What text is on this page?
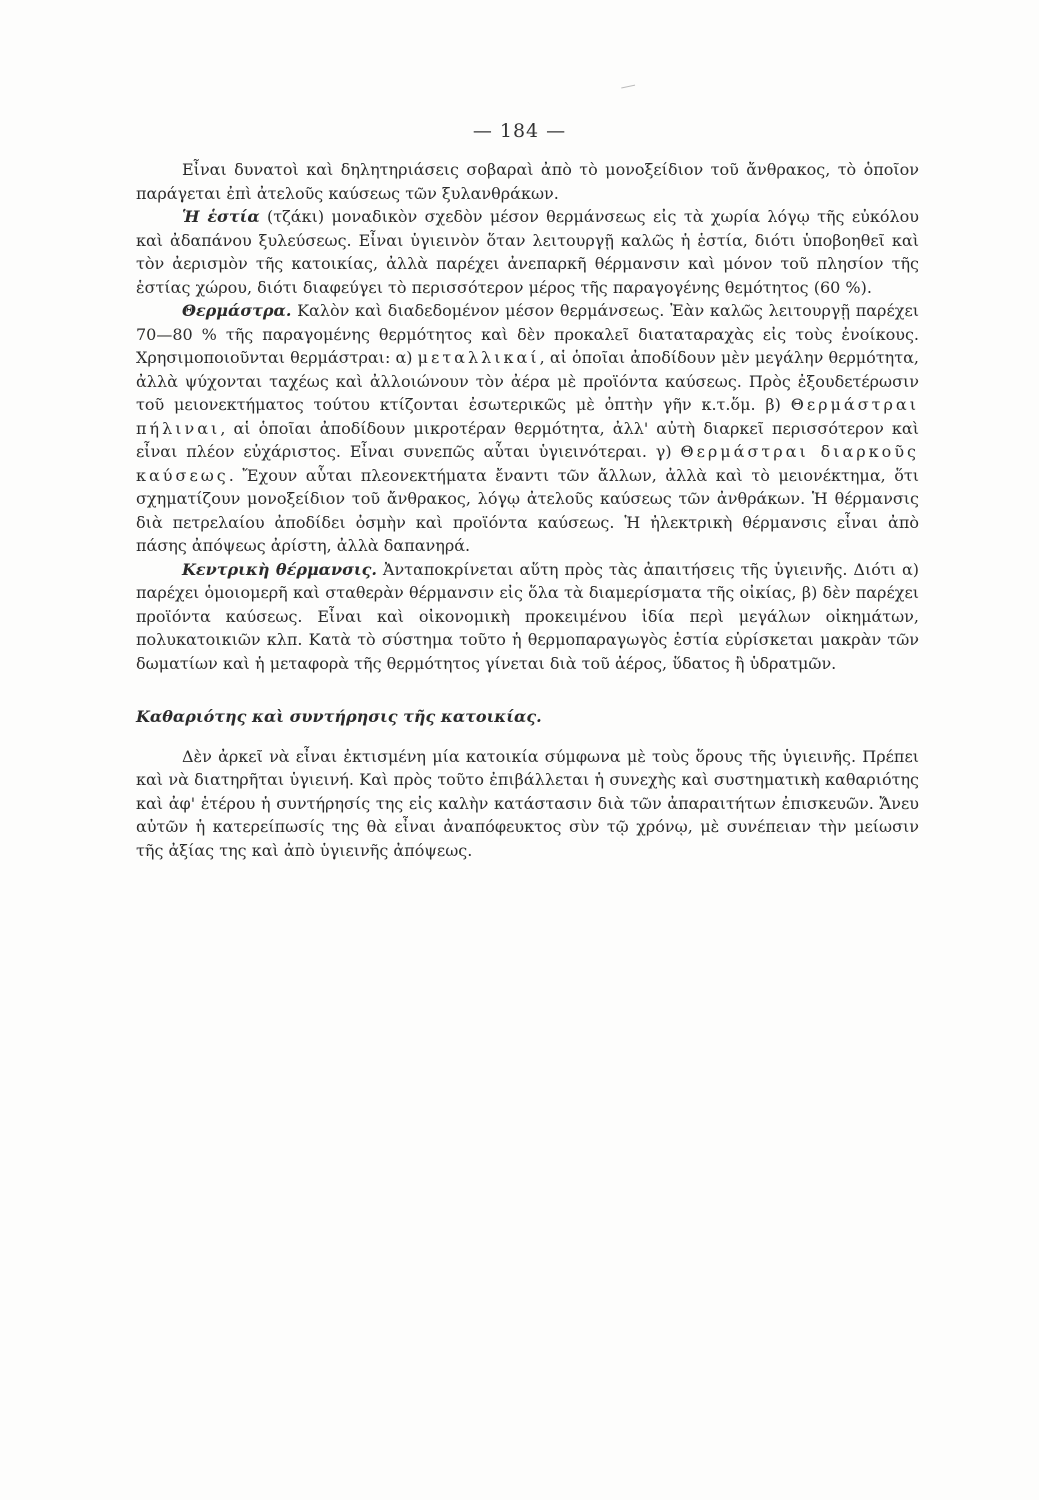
— 184 —

Εἶναι δυνατοὶ καὶ δηλητηριάσεις σοβαραὶ ἀπὸ τὸ μονοξείδιον τοῦ ἄνθρακος, τὸ ὁποῖον παράγεται ἐπὶ ἀτελοῦς καύσεως τῶν ξυλανθράκων.

Ἡ ἑστία (τζάκι) μοναδικὸν σχεδὸν μέσον θερμάνσεως εἰς τὰ χωρία λόγῳ τῆς εὐκόλου καὶ ἀδαπάνου ξυλεύσεως. Εἶναι ὑγιεινὸν ὅταν λειτουργῇ καλῶς ἡ ἑστία, διότι ὑποβοηθεῖ καὶ τὸν ἀερισμὸν τῆς κατοικίας, ἀλλὰ παρέχει ἀνεπαρκῆ θέρμανσιν καὶ μόνον τοῦ πλησίον τῆς ἑστίας χώρου, διότι διαφεύγει τὸ περισσότερον μέρος τῆς παραγογένης θεμότητος (60 %).

Θερμάστρα. Καλὸν καὶ διαδεδομένον μέσον θερμάνσεως. Ἐὰν καλῶς λειτουργῇ παρέχει 70—80 % τῆς παραγομένης θερμότητος καὶ δὲν προκαλεῖ διαταταραχὰς εἰς τοὺς ἐνοίκους. Χρησιμοποιοῦνται θερμάστραι: α) μεταλλικαί, αἱ ὁποῖαι ἀποδίδουν μὲν μεγάλην θερμότητα, ἀλλὰ ψύχονται ταχέως καὶ ἀλλοιώνουν τὸν ἀέρα μὲ προϊόντα καύσεως. Πρὸς ἐξουδετέρωσιν τοῦ μειονεκτήματος τούτου κτίζονται ἐσωτερικῶς μὲ ὀπτὴν γῆν κ.τ.ὅμ. β) Θερμάστραι πήλιναι, αἱ ὁποῖαι ἀποδίδουν μικροτέραν θερμότητα, ἀλλ' αὐτὴ διαρκεῖ περισσότερον καὶ εἶναι πλέον εὐχάριστος. Εἶναι συνεπῶς αὗται ὑγιεινότεραι. γ) Θερμάστραι διαρκοῦς καύσεως. Ἔχουν αὗται πλεονεκτήματα ἔναντι τῶν ἄλλων, ἀλλὰ καὶ τὸ μειονέκτημα, ὅτι σχηματίζουν μονοξείδιον τοῦ ἄνθρακος, λόγῳ ἀτελοῦς καύσεως τῶν ἀνθράκων. Ἡ θέρμανσις διὰ πετρελαίου ἀποδίδει ὀσμὴν καὶ προϊόντα καύσεως. Ἡ ἠλεκτρικὴ θέρμανσις εἶναι ἀπὸ πάσης ἀπόψεως ἀρίστη, ἀλλὰ δαπανηρά.

Κεντρικὴ θέρμανσις. Ἀνταποκρίνεται αὕτη πρὸς τὰς ἀπαιτήσεις τῆς ὑγιεινῆς. Διότι α) παρέχει ὁμοιομερῆ καὶ σταθερὰν θέρμανσιν εἰς ὅλα τὰ διαμερίσματα τῆς οἰκίας, β) δὲν παρέχει προϊόντα καύσεως. Εἶναι καὶ οἰκονομικὴ προκειμένου ἰδία περὶ μεγάλων οἰκημάτων, πολυκατοικιῶν κλπ. Κατὰ τὸ σύστημα τοῦτο ἡ θερμοπαραγωγὸς ἑστία εὑρίσκεται μακρὰν τῶν δωματίων καὶ ἡ μεταφορὰ τῆς θερμότητος γίνεται διὰ τοῦ ἀέρος, ὕδατος ἢ ὑδρατμῶν.

Καθαριότης καὶ συντήρησις τῆς κατοικίας.

Δὲν ἀρκεῖ νὰ εἶναι ἐκτισμένη μία κατοικία σύμφωνα μὲ τοὺς ὅρους τῆς ὑγιεινῆς. Πρέπει καὶ νὰ διατηρῆται ὑγιεινή. Καὶ πρὸς τοῦτο ἐπιβάλλεται ἡ συνεχὴς καὶ συστηματικὴ καθαριότης καὶ ἀφ' ἑτέρου ἡ συντήρησίς της εἰς καλὴν κατάστασιν διὰ τῶν ἀπαραιτήτων ἐπισκευῶν. Ἄνευ αὐτῶν ἡ κατερείπωσίς της θὰ εἶναι ἀναπόφευκτος σὺν τῷ χρόνῳ, μὲ συνέπειαν τὴν μείωσιν τῆς ἀξίας της καὶ ἀπὸ ὑγιεινῆς ἀπόψεως.
